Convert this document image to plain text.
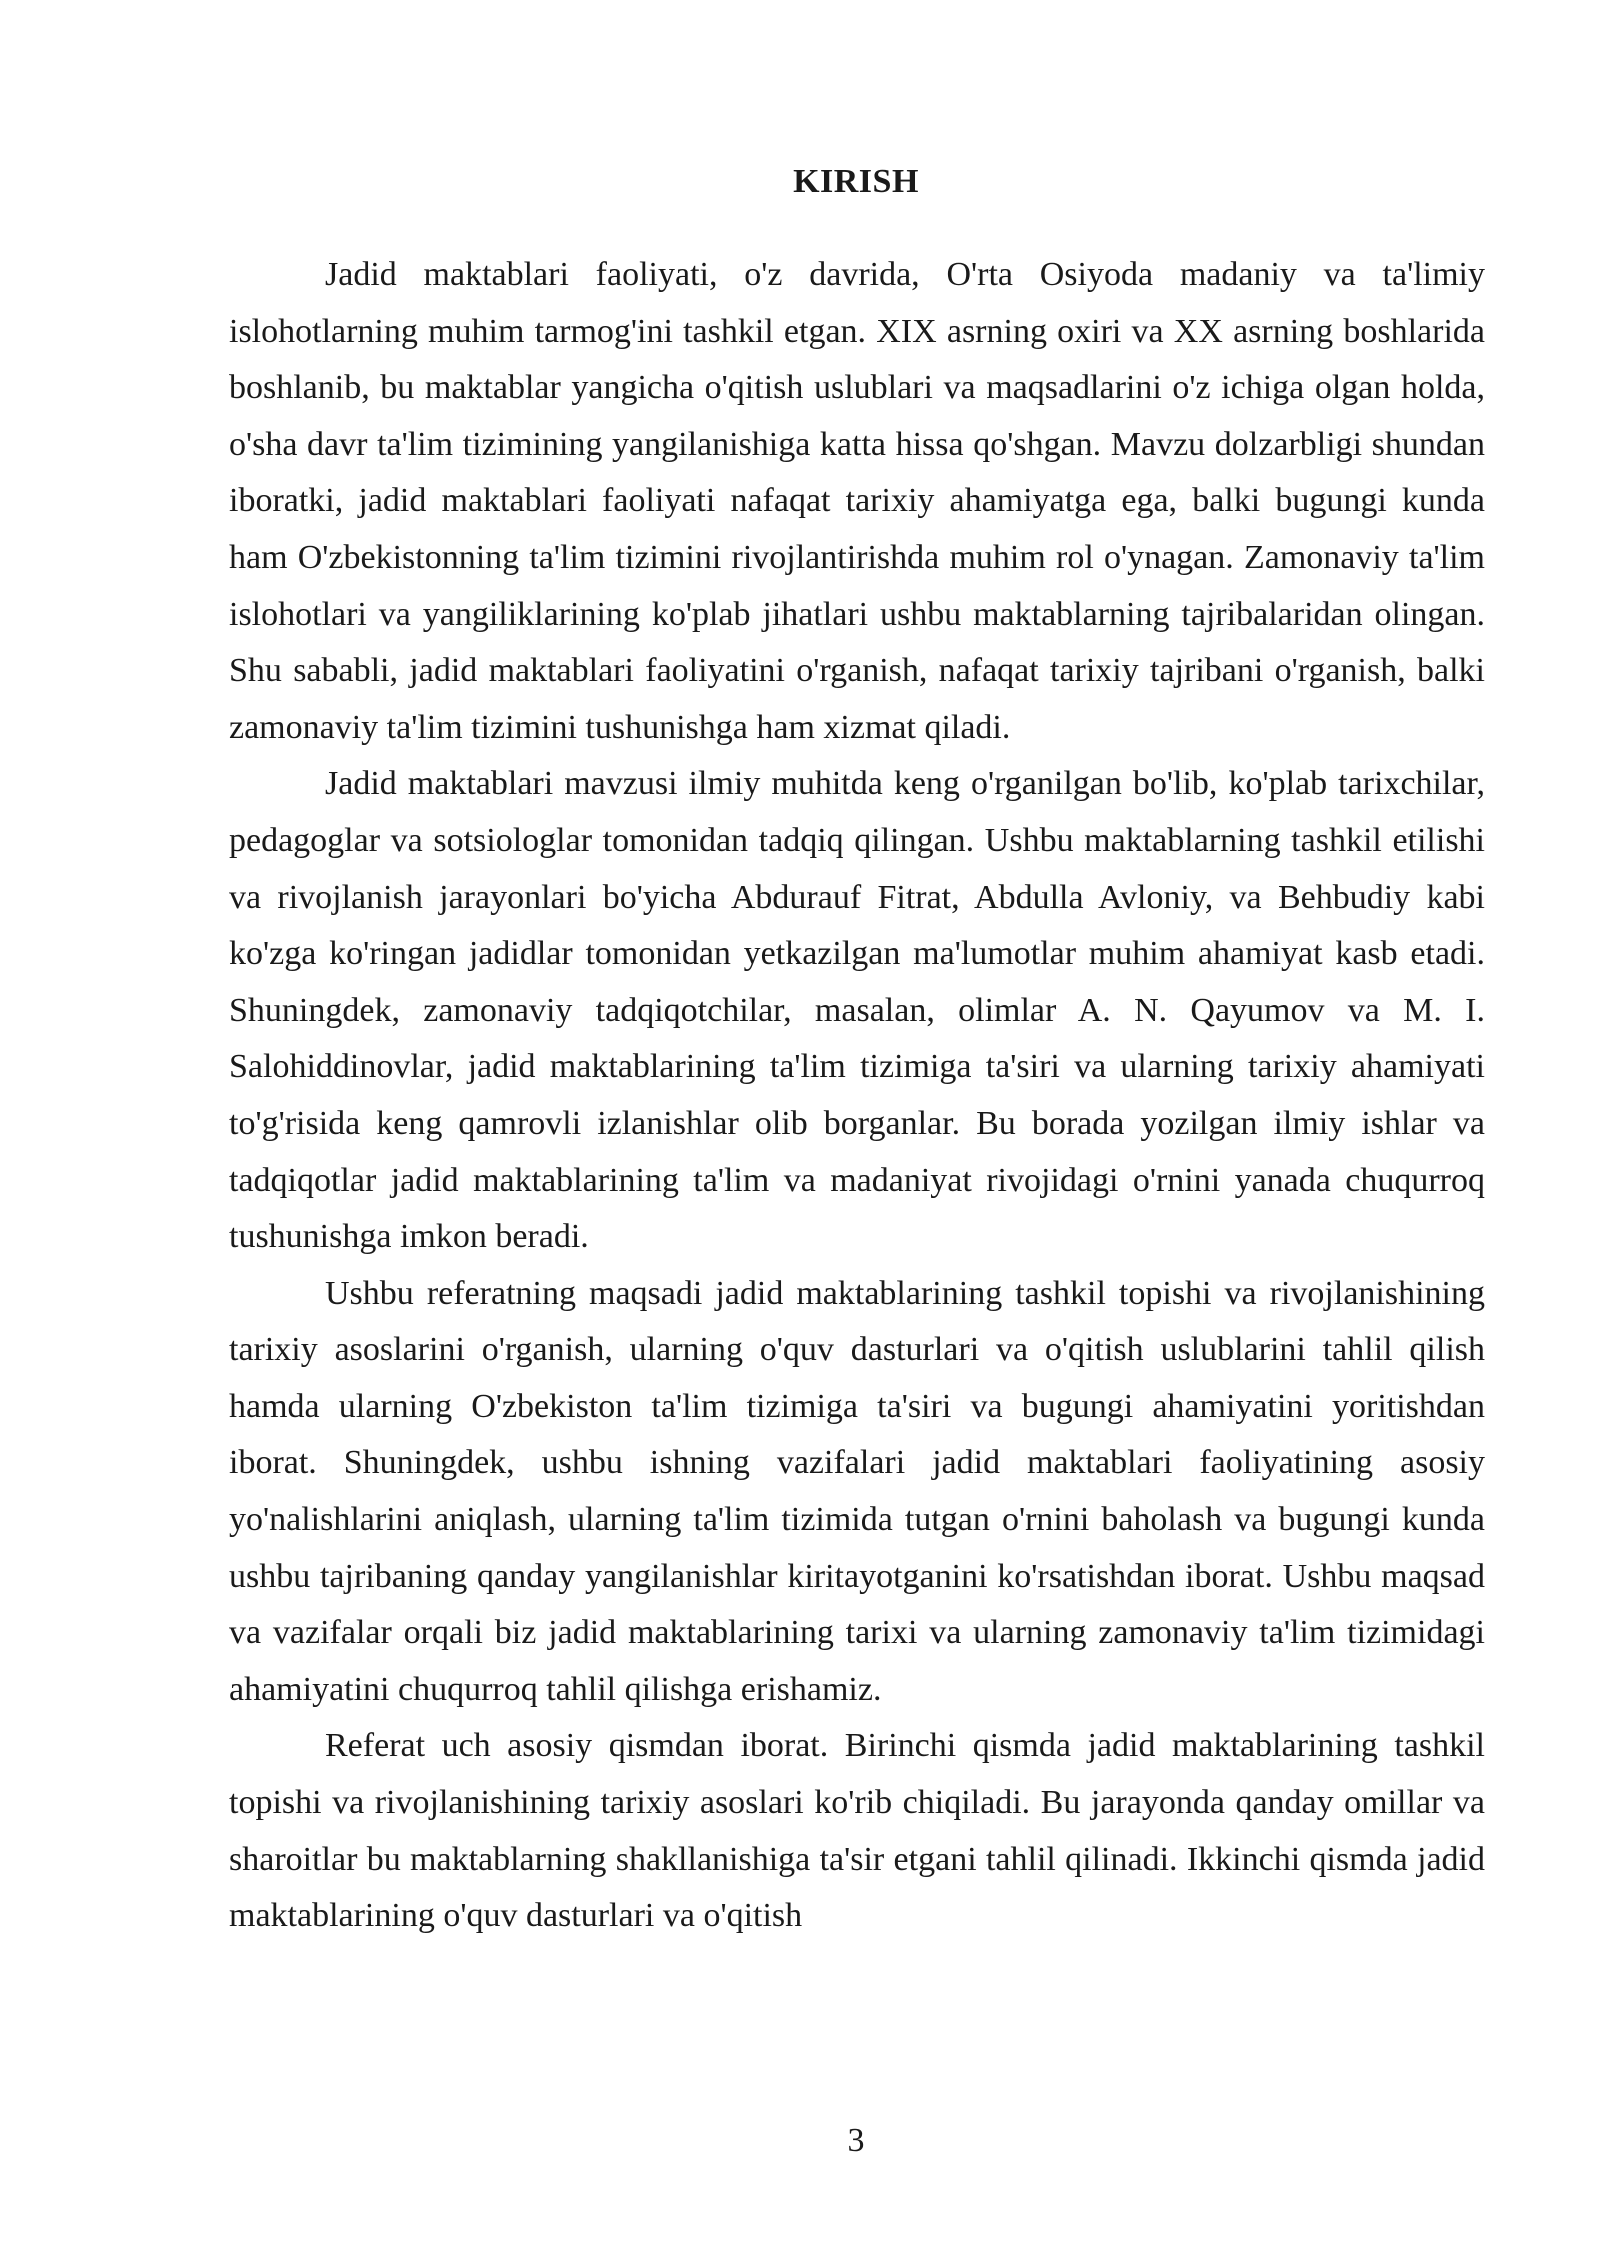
KIRISH

Jadid maktablari faoliyati, o'z davrida, O'rta Osiyoda madaniy va ta'limiy islohotlarning muhim tarmog'ini tashkil etgan. XIX asrning oxiri va XX asrning boshlarida boshlanib, bu maktablar yangicha o'qitish uslublari va maqsadlarini o'z ichiga olgan holda, o'sha davr ta'lim tizimining yangilanishiga katta hissa qo'shgan. Mavzu dolzarbligi shundan iboratki, jadid maktablari faoliyati nafaqat tarixiy ahamiyatga ega, balki bugungi kunda ham O'zbekistonning ta'lim tizimini rivojlantirishda muhim rol o'ynagan. Zamonaviy ta'lim islohotlari va yangiliklarining ko'plab jihatlari ushbu maktablarning tajribalaridan olingan. Shu sababli, jadid maktablari faoliyatini o'rganish, nafaqat tarixiy tajribani o'rganish, balki zamonaviy ta'lim tizimini tushunishga ham xizmat qiladi.

Jadid maktablari mavzusi ilmiy muhitda keng o'rganilgan bo'lib, ko'plab tarixchilar, pedagoglar va sotsiologlar tomonidan tadqiq qilingan. Ushbu maktablarning tashkil etilishi va rivojlanish jarayonlari bo'yicha Abdurauf Fitrat, Abdulla Avloniy, va Behbudiy kabi ko'zga ko'ringan jadidlar tomonidan yetkazilgan ma'lumotlar muhim ahamiyat kasb etadi. Shuningdek, zamonaviy tadqiqotchilar, masalan, olimlar A. N. Qayumov va M. I. Salohiddinovlar, jadid maktablarining ta'lim tizimiga ta'siri va ularning tarixiy ahamiyati to'g'risida keng qamrovli izlanishlar olib borganlar. Bu borada yozilgan ilmiy ishlar va tadqiqotlar jadid maktablarining ta'lim va madaniyat rivojidagi o'rnini yanada chuqurroq tushunishga imkon beradi.

Ushbu referatning maqsadi jadid maktablarining tashkil topishi va rivojlanishining tarixiy asoslarini o'rganish, ularning o'quv dasturlari va o'qitish uslublarini tahlil qilish hamda ularning O'zbekiston ta'lim tizimiga ta'siri va bugungi ahamiyatini yoritishdan iborat. Shuningdek, ushbu ishning vazifalari jadid maktablari faoliyatining asosiy yo'nalishlarini aniqlash, ularning ta'lim tizimida tutgan o'rnini baholash va bugungi kunda ushbu tajribaning qanday yangilanishlar kiritayotganini ko'rsatishdan iborat. Ushbu maqsad va vazifalar orqali biz jadid maktablarining tarixi va ularning zamonaviy ta'lim tizimidagi ahamiyatini chuqurroq tahlil qilishga erishamiz.

Referat uch asosiy qismdan iborat. Birinchi qismda jadid maktablarining tashkil topishi va rivojlanishining tarixiy asoslari ko'rib chiqiladi. Bu jarayonda qanday omillar va sharoitlar bu maktablarning shakllanishiga ta'sir etgani tahlil qilinadi. Ikkinchi qismda jadid maktablarining o'quv dasturlari va o'qitish

3
